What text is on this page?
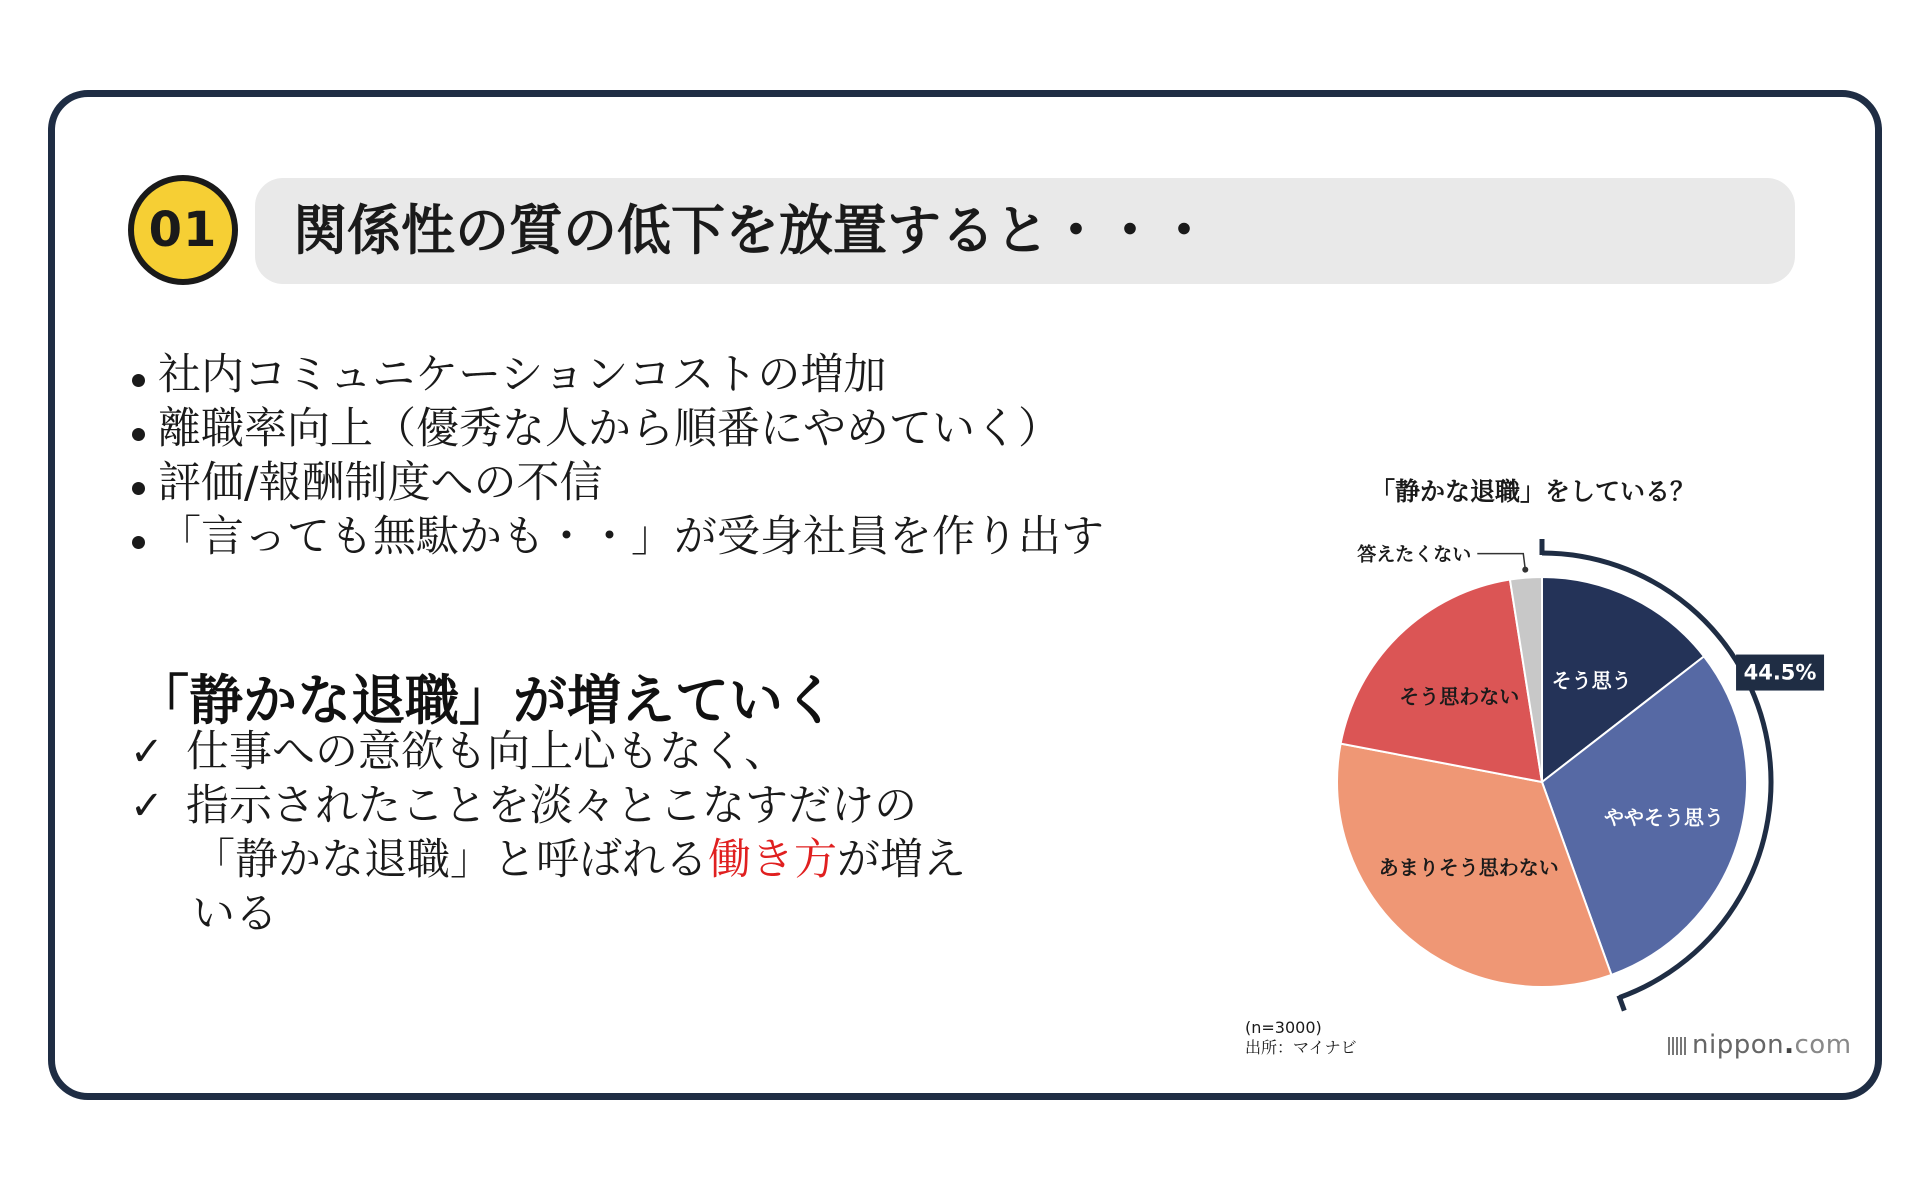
01	関係性の質の低下を放置すると・・・
社内コミュニケーションコストの増加
離職率向上（優秀な人から順番にやめていく）
評価/報酬制度への不信
「言っても無駄かも・・」が受身社員を作り出す
「静かな退職」が増えていく
✓ 仕事への意欲も向上心もなく、
✓ 指示されたことを淡々とこなすだけの
「静かな退職」と呼ばれる働き方が増え
いる
「静かな退職」をしている？
そう思う
ややそう思う
あまりそう思わない
そう思わない
答えたくない
44.5%
(n=3000)
出所：マイナビ	nippon.com
